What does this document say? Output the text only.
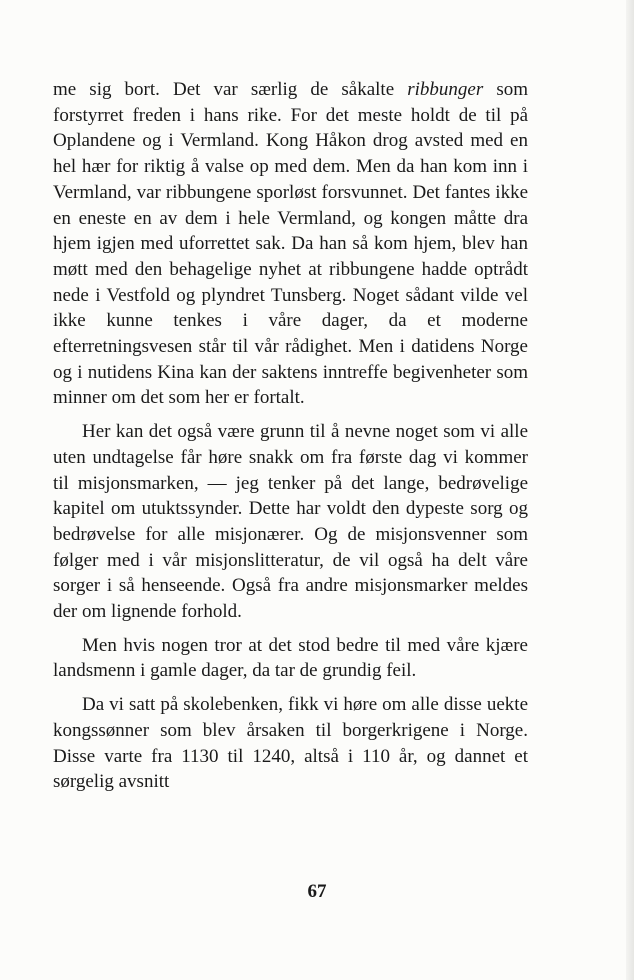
me sig bort. Det var særlig de såkalte ribbunger som forstyrret freden i hans rike. For det meste holdt de til på Oplandene og i Vermland. Kong Håkon drog avsted med en hel hær for riktig å valse op med dem. Men da han kom inn i Vermland, var ribbungene sporløst forsvunnet. Det fantes ikke en eneste en av dem i hele Vermland, og kongen måtte dra hjem igjen med uforrettet sak. Da han så kom hjem, blev han møtt med den behagelige nyhet at ribbungene hadde optrådt nede i Vestfold og plyndret Tunsberg. Noget sådant vilde vel ikke kunne tenkes i våre dager, da et moderne efterretningsvesen står til vår rådighet. Men i datidens Norge og i nutidens Kina kan der saktens inntreffe begivenheter som minner om det som her er fortalt.

Her kan det også være grunn til å nevne noget som vi alle uten undtagelse får høre snakk om fra første dag vi kommer til misjonsmarken, — jeg tenker på det lange, bedrøvelige kapitel om utuktssynder. Dette har voldt den dypeste sorg og bedrøvelse for alle misjonærer. Og de misjonsvenner som følger med i vår misjonslitteratur, de vil også ha delt våre sorger i så henseende. Også fra andre misjonsmarker meldes der om lignende forhold.

Men hvis nogen tror at det stod bedre til med våre kjære landsmenn i gamle dager, da tar de grundig feil.

Da vi satt på skolebenken, fikk vi høre om alle disse uekte kongssønner som blev årsaken til borgerkrigene i Norge. Disse varte fra 1130 til 1240, altså i 110 år, og dannet et sørgelig avsnitt

67
